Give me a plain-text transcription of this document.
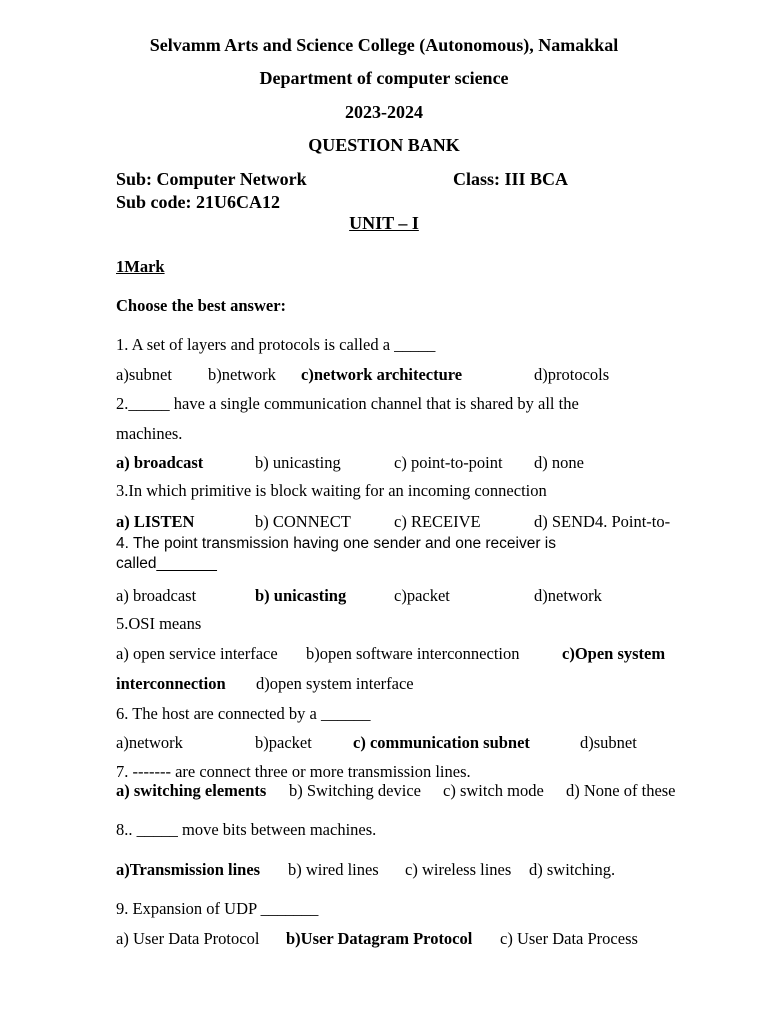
Selvamm Arts and Science College (Autonomous), Namakkal
Department of computer science
2023-2024
QUESTION BANK
Sub: Computer Network	Class: III BCA
Sub code: 21U6CA12
UNIT – I
1Mark
Choose the best answer:
1. A set of layers and protocols is called a _____
a)subnet b)network c)network architecture	d)protocols
2._____ have a single communication channel that is shared by all the
machines.
a) broadcast	b) unicasting	c) point-to-point d) none
3.In which primitive is block waiting for an incoming connection
a) LISTEN	b) CONNECT	c) RECEIVE	d) SEND4. Point-to-
4. The point transmission having one sender and one receiver is
called_______
a) broadcast	b) unicasting	c)packet	d)network
5.OSI means
a) open service interface b)open software interconnection	c)Open system
interconnection d)open system interface
6. The host are connected by a ______
a)network	b)packet c) communication subnet	d)subnet
7. ------- are connect three or more transmission lines.
a) switching elements b) Switching device c) switch mode d) None of these
8.. _____ move bits between machines.
a)Transmission lines b) wired lines c) wireless lines d) switching.
9. Expansion of UDP _______
a) User Data Protocol b)User Datagram Protocol c) User Data Process
